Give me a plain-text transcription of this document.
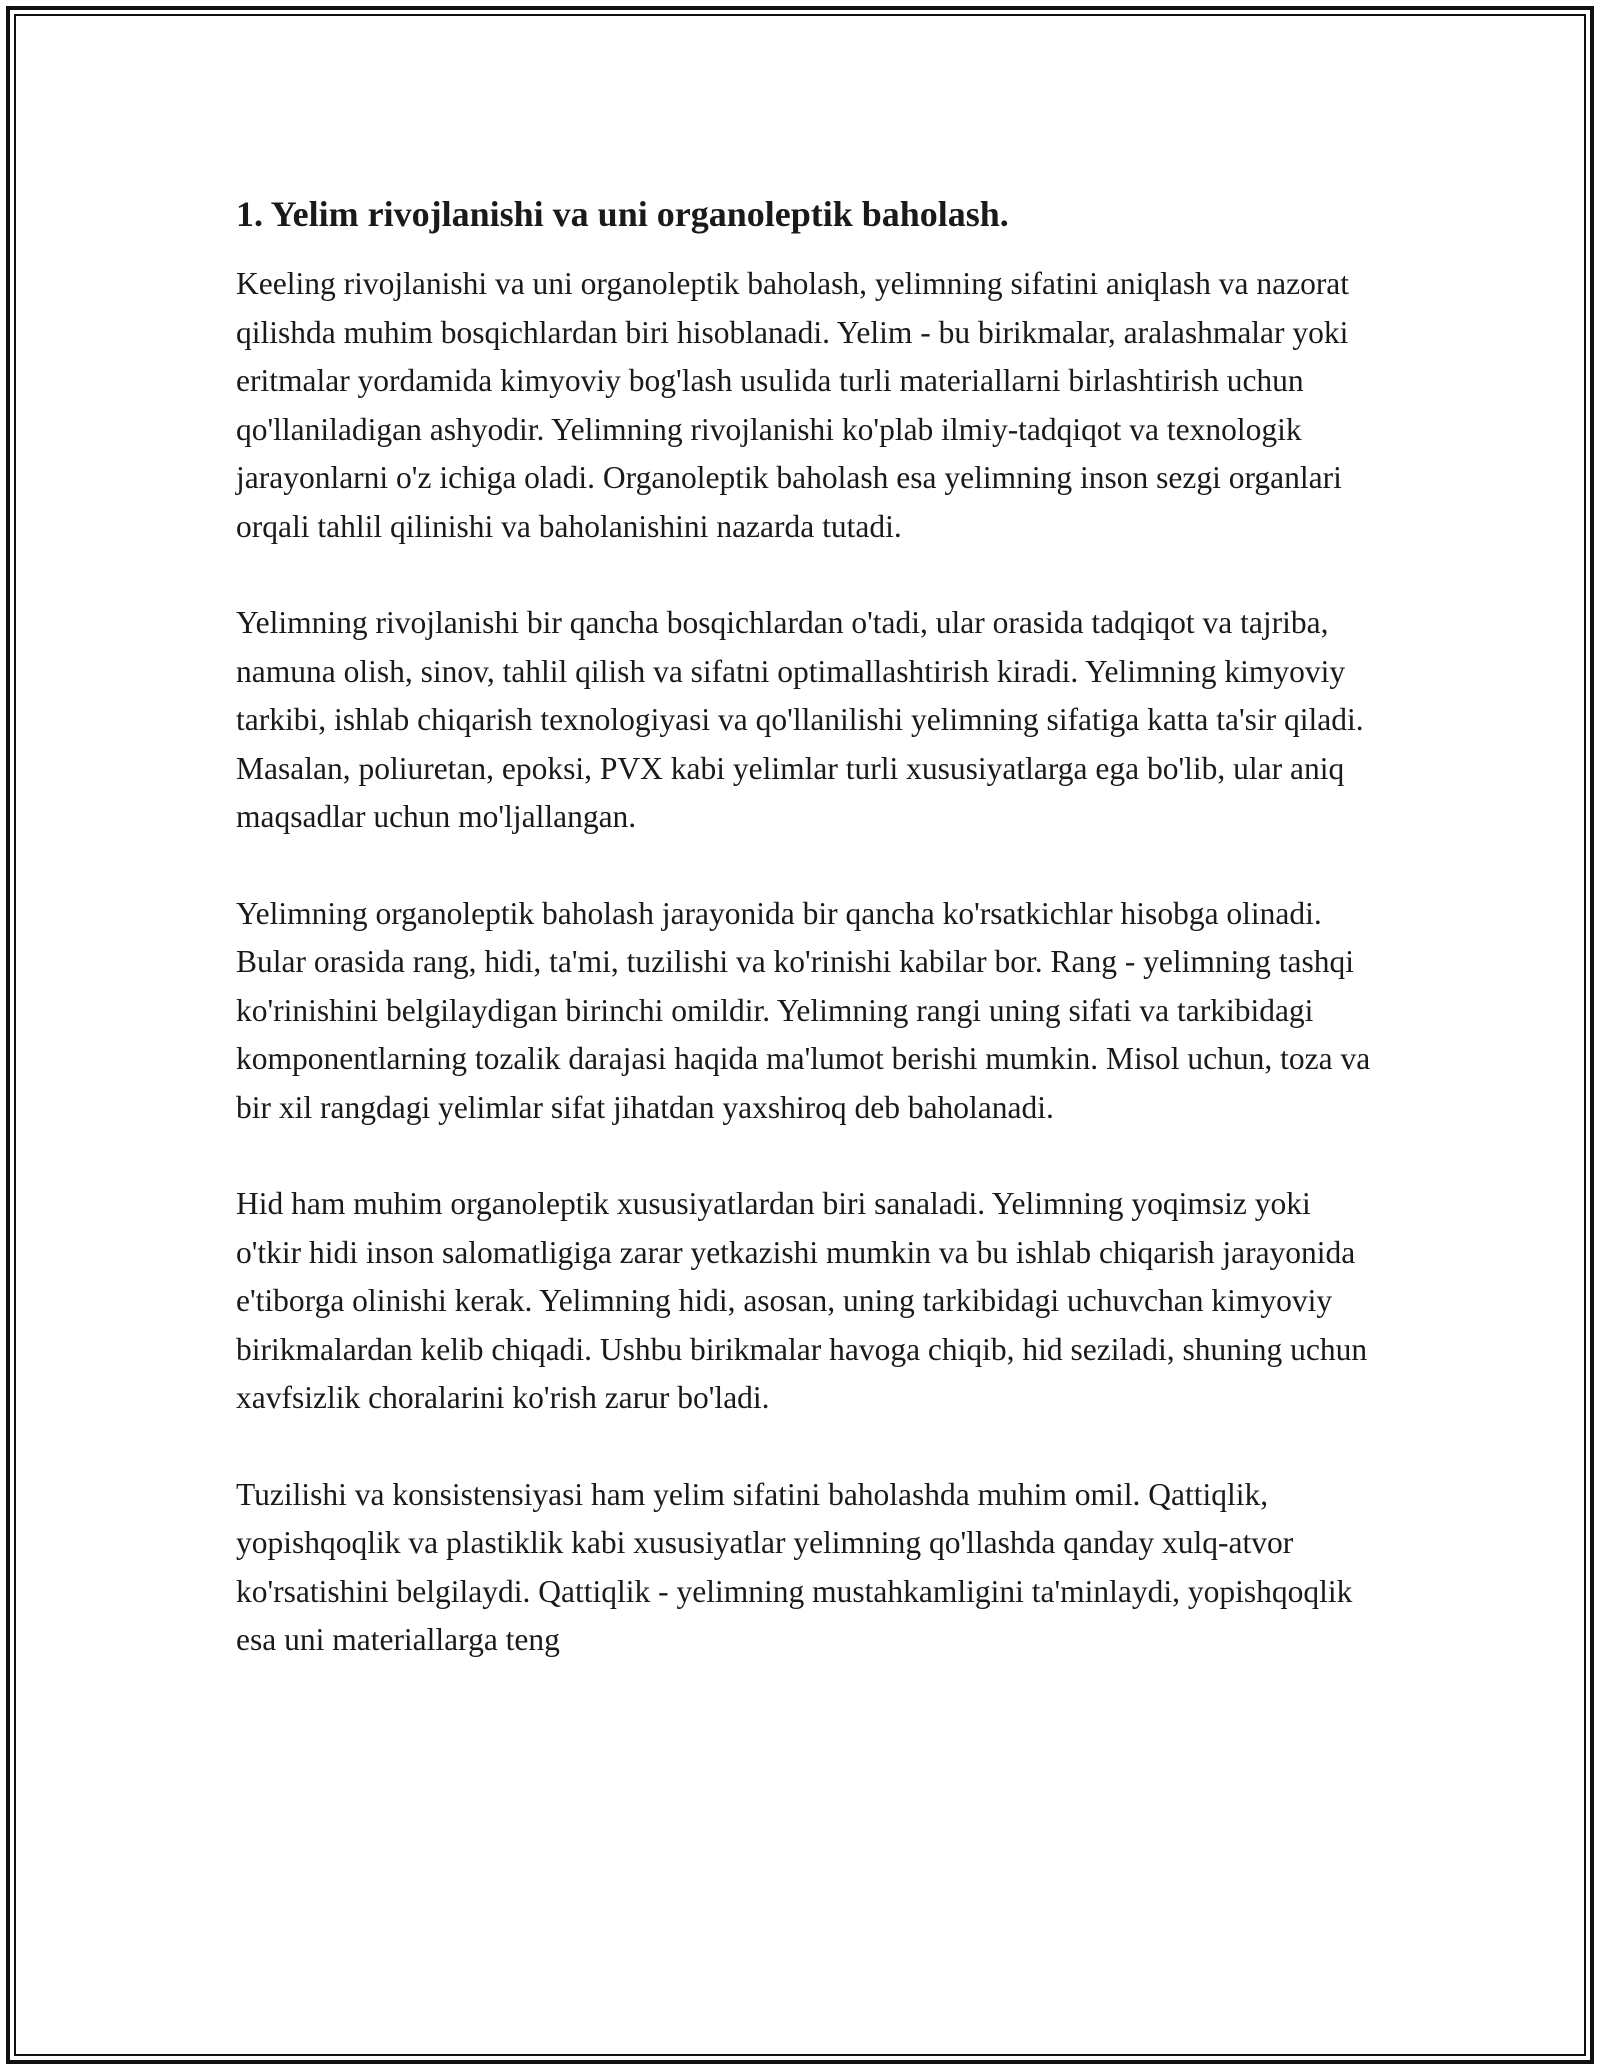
1. Yelim rivojlanishi va uni organoleptik baholash.

Keeling rivojlanishi va uni organoleptik baholash, yelimning sifatini aniqlash va nazorat qilishda muhim bosqichlardan biri hisoblanadi. Yelim - bu birikmalar, aralashmalar yoki eritmalar yordamida kimyoviy bog'lash usulida turli materiallarni birlashtirish uchun qo'llaniladigan ashyodir. Yelimning rivojlanishi ko'plab ilmiy-tadqiqot va texnologik jarayonlarni o'z ichiga oladi. Organoleptik baholash esa yelimning inson sezgi organlari orqali tahlil qilinishi va baholanishini nazarda tutadi.

Yelimning rivojlanishi bir qancha bosqichlardan o'tadi, ular orasida tadqiqot va tajriba, namuna olish, sinov, tahlil qilish va sifatni optimallashtirish kiradi. Yelimning kimyoviy tarkibi, ishlab chiqarish texnologiyasi va qo'llanilishi yelimning sifatiga katta ta'sir qiladi. Masalan, poliuretan, epoksi, PVX kabi yelimlar turli xususiyatlarga ega bo'lib, ular aniq maqsadlar uchun mo'ljallangan.

Yelimning organoleptik baholash jarayonida bir qancha ko'rsatkichlar hisobga olinadi. Bular orasida rang, hidi, ta'mi, tuzilishi va ko'rinishi kabilar bor. Rang - yelimning tashqi ko'rinishini belgilaydigan birinchi omildir. Yelimning rangi uning sifati va tarkibidagi komponentlarning tozalik darajasi haqida ma'lumot berishi mumkin. Misol uchun, toza va bir xil rangdagi yelimlar sifat jihatdan yaxshiroq deb baholanadi.

Hid ham muhim organoleptik xususiyatlardan biri sanaladi. Yelimning yoqimsiz yoki o'tkir hidi inson salomatligiga zarar yetkazishi mumkin va bu ishlab chiqarish jarayonida e'tiborga olinishi kerak. Yelimning hidi, asosan, uning tarkibidagi uchuvchan kimyoviy birikmalardan kelib chiqadi. Ushbu birikmalar havoga chiqib, hid seziladi, shuning uchun xavfsizlik choralarini ko'rish zarur bo'ladi.

Tuzilishi va konsistensiyasi ham yelim sifatini baholashda muhim omil. Qattiqlik, yopishqoqlik va plastiklik kabi xususiyatlar yelimning qo'llashda qanday xulq-atvor ko'rsatishini belgilaydi. Qattiqlik - yelimning mustahkamligini ta'minlaydi, yopishqoqlik esa uni materiallarga teng
